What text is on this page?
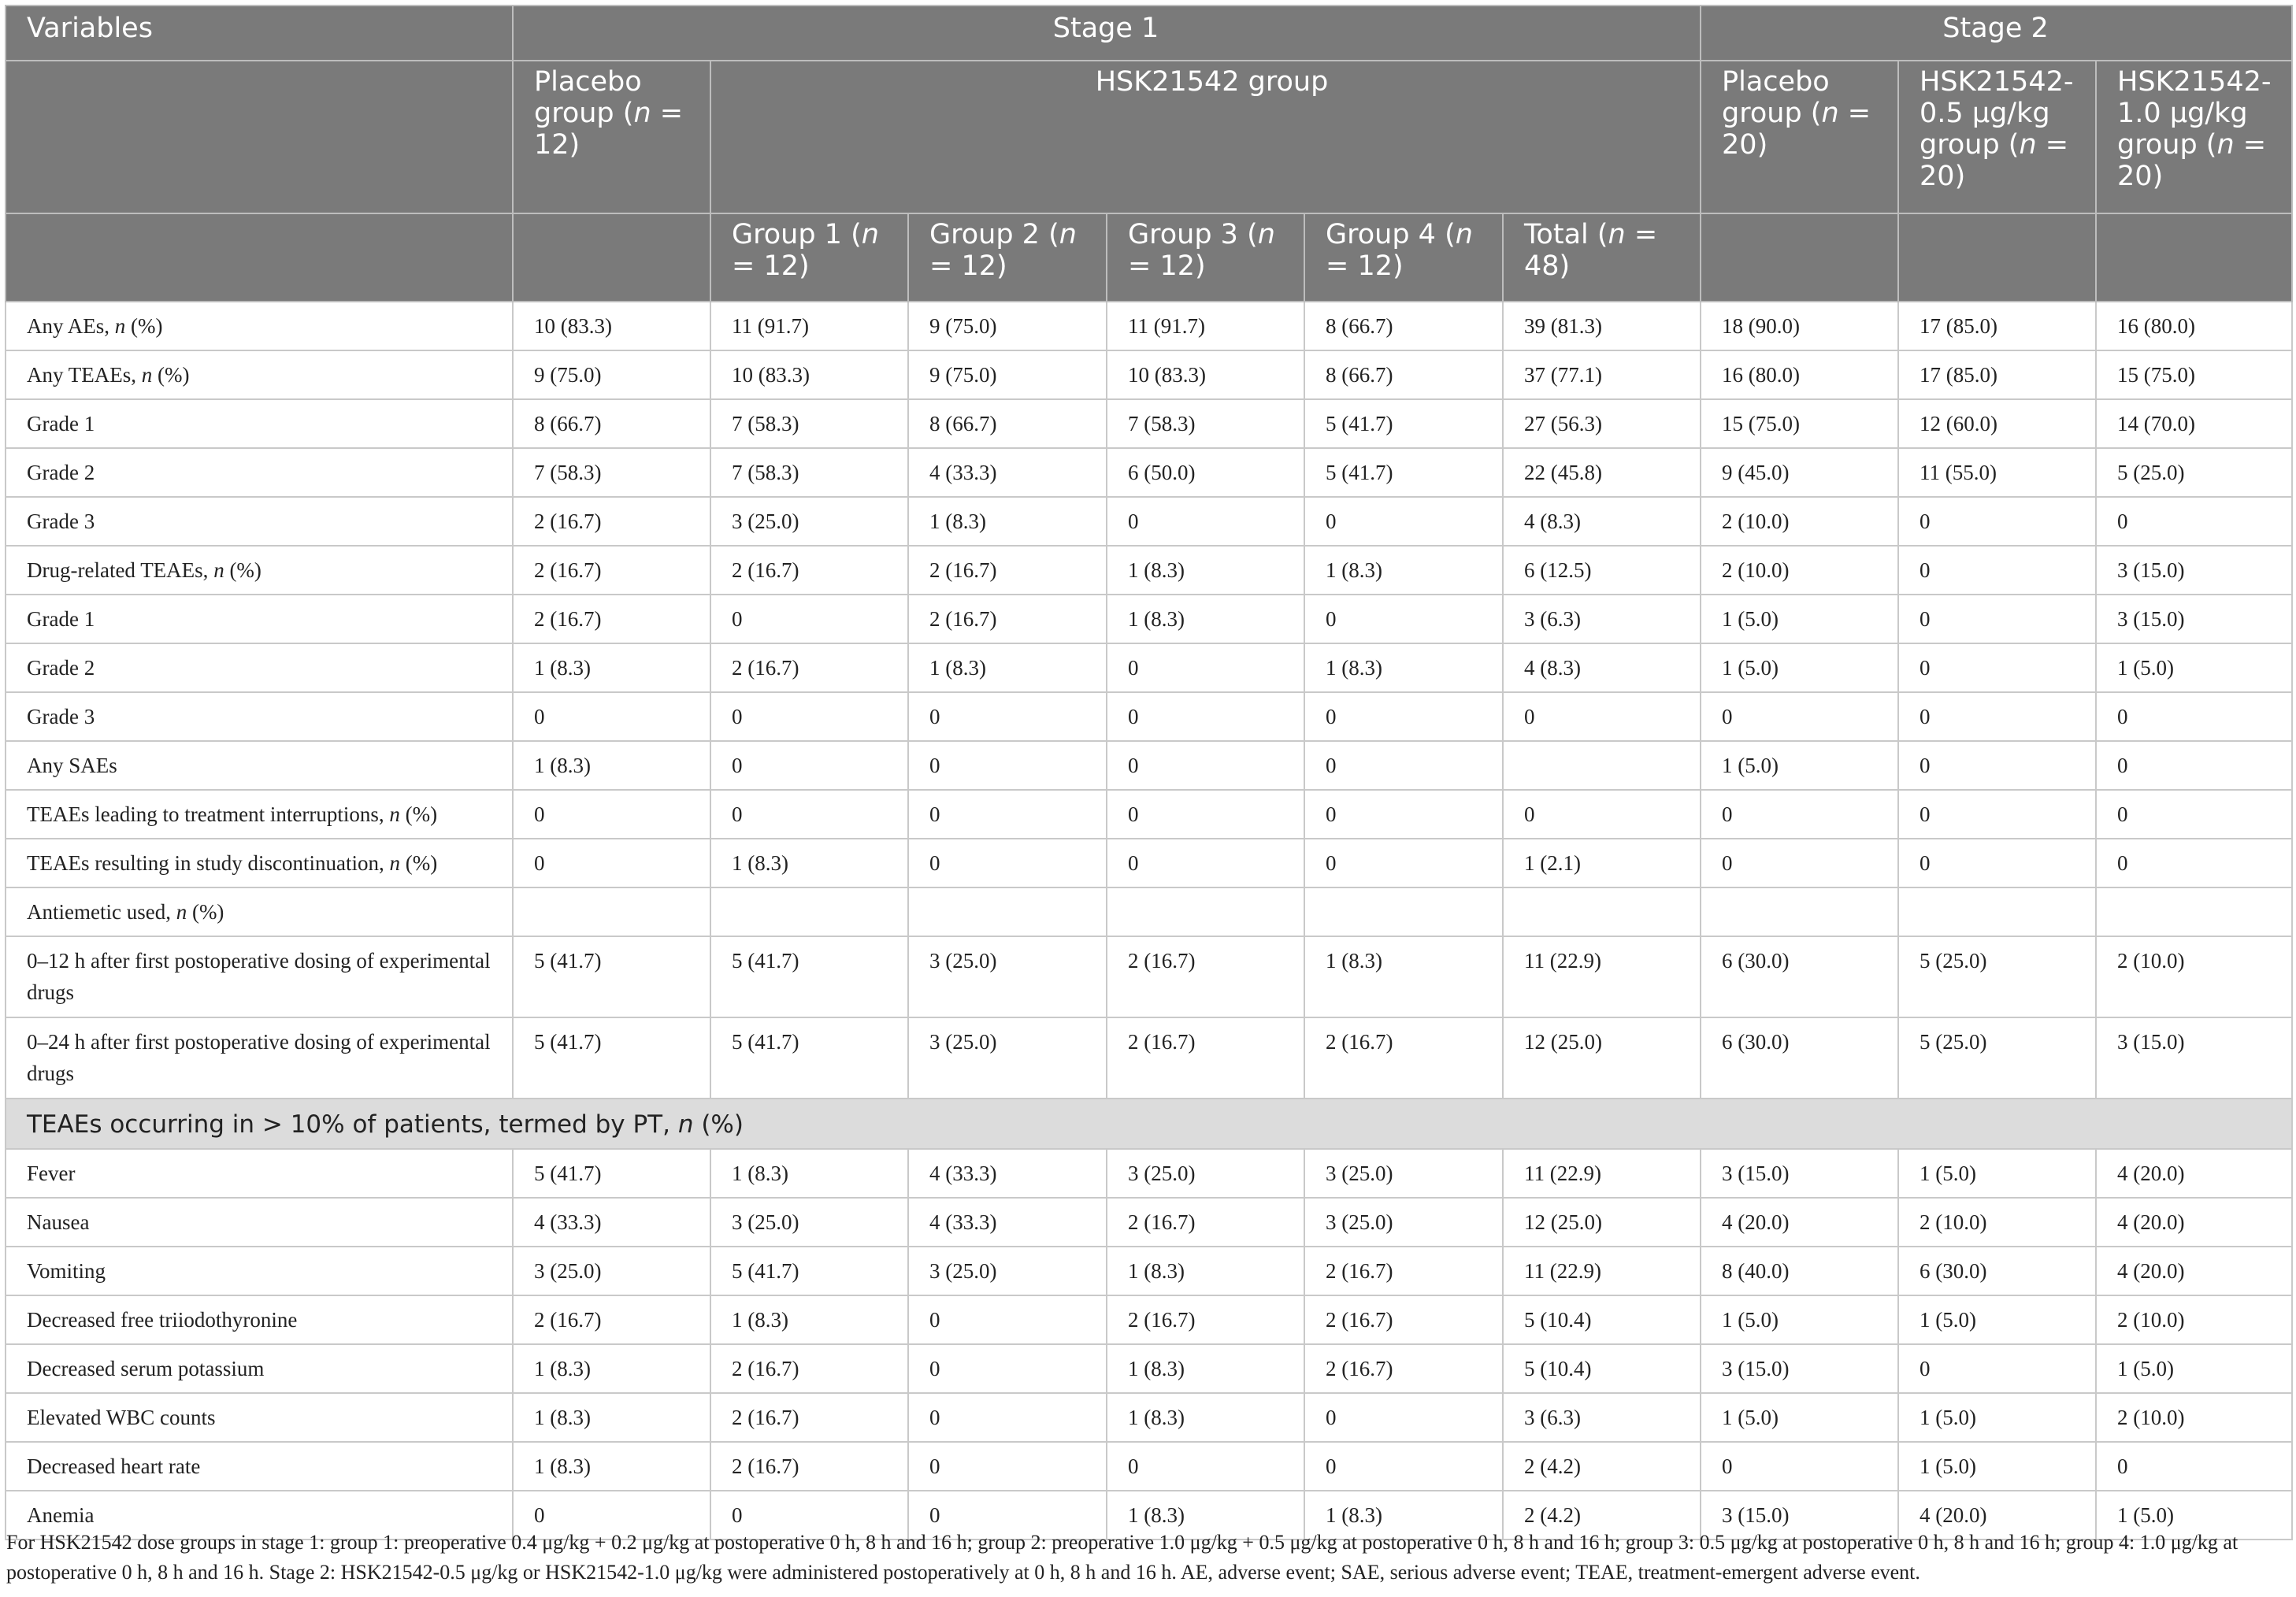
Variables	Stage 1						Stage 2		
	Placebo group (n = 12)	HSK21542 group					Placebo group (n = 20)	HSK21542-0.5 μg/kg group (n = 20)	HSK21542-1.0 μg/kg group (n = 20)
		Group 1 (n = 12)	Group 2 (n = 12)	Group 3 (n = 12)	Group 4 (n = 12)	Total (n = 48)			
Any AEs, n (%)	10 (83.3)	11 (91.7)	9 (75.0)	11 (91.7)	8 (66.7)	39 (81.3)	18 (90.0)	17 (85.0)	16 (80.0)
Any TEAEs, n (%)	9 (75.0)	10 (83.3)	9 (75.0)	10 (83.3)	8 (66.7)	37 (77.1)	16 (80.0)	17 (85.0)	15 (75.0)
Grade 1	8 (66.7)	7 (58.3)	8 (66.7)	7 (58.3)	5 (41.7)	27 (56.3)	15 (75.0)	12 (60.0)	14 (70.0)
Grade 2	7 (58.3)	7 (58.3)	4 (33.3)	6 (50.0)	5 (41.7)	22 (45.8)	9 (45.0)	11 (55.0)	5 (25.0)
Grade 3	2 (16.7)	3 (25.0)	1 (8.3)	0	0	4 (8.3)	2 (10.0)	0	0
Drug-related TEAEs, n (%)	2 (16.7)	2 (16.7)	2 (16.7)	1 (8.3)	1 (8.3)	6 (12.5)	2 (10.0)	0	3 (15.0)
Grade 1	2 (16.7)	0	2 (16.7)	1 (8.3)	0	3 (6.3)	1 (5.0)	0	3 (15.0)
Grade 2	1 (8.3)	2 (16.7)	1 (8.3)	0	1 (8.3)	4 (8.3)	1 (5.0)	0	1 (5.0)
Grade 3	0	0	0	0	0	0	0	0	0
Any SAEs	1 (8.3)	0	0	0	0		1 (5.0)	0	0
TEAEs leading to treatment interruptions, n (%)	0	0	0	0	0	0	0	0	0
TEAEs resulting in study discontinuation, n (%)	0	1 (8.3)	0	0	0	1 (2.1)	0	0	0
Antiemetic used, n (%)									
0–12 h after first postoperative dosing of experimental drugs	5 (41.7)	5 (41.7)	3 (25.0)	2 (16.7)	1 (8.3)	11 (22.9)	6 (30.0)	5 (25.0)	2 (10.0)
0–24 h after first postoperative dosing of experimental drugs	5 (41.7)	5 (41.7)	3 (25.0)	2 (16.7)	2 (16.7)	12 (25.0)	6 (30.0)	5 (25.0)	3 (15.0)
TEAEs occurring in > 10% of patients, termed by PT, n (%)									
Fever	5 (41.7)	1 (8.3)	4 (33.3)	3 (25.0)	3 (25.0)	11 (22.9)	3 (15.0)	1 (5.0)	4 (20.0)
Nausea	4 (33.3)	3 (25.0)	4 (33.3)	2 (16.7)	3 (25.0)	12 (25.0)	4 (20.0)	2 (10.0)	4 (20.0)
Vomiting	3 (25.0)	5 (41.7)	3 (25.0)	1 (8.3)	2 (16.7)	11 (22.9)	8 (40.0)	6 (30.0)	4 (20.0)
Decreased free triiodothyronine	2 (16.7)	1 (8.3)	0	2 (16.7)	2 (16.7)	5 (10.4)	1 (5.0)	1 (5.0)	2 (10.0)
Decreased serum potassium	1 (8.3)	2 (16.7)	0	1 (8.3)	2 (16.7)	5 (10.4)	3 (15.0)	0	1 (5.0)
Elevated WBC counts	1 (8.3)	2 (16.7)	0	1 (8.3)	0	3 (6.3)	1 (5.0)	1 (5.0)	2 (10.0)
Decreased heart rate	1 (8.3)	2 (16.7)	0	0	0	2 (4.2)	0	1 (5.0)	0
Anemia	0	0	0	1 (8.3)	1 (8.3)	2 (4.2)	3 (15.0)	4 (20.0)	1 (5.0)
For HSK21542 dose groups in stage 1: group 1: preoperative 0.4 μg/kg + 0.2 μg/kg at postoperative 0 h, 8 h and 16 h; group 2: preoperative 1.0 μg/kg + 0.5 μg/kg at postoperative 0 h, 8 h and 16 h; group 3: 0.5 μg/kg at postoperative 0 h, 8 h and 16 h; group 4: 1.0 μg/kg at postoperative 0 h, 8 h and 16 h. Stage 2: HSK21542-0.5 μg/kg or HSK21542-1.0 μg/kg were administered postoperatively at 0 h, 8 h and 16 h. AE, adverse event; SAE, serious adverse event; TEAE, treatment-emergent adverse event.
